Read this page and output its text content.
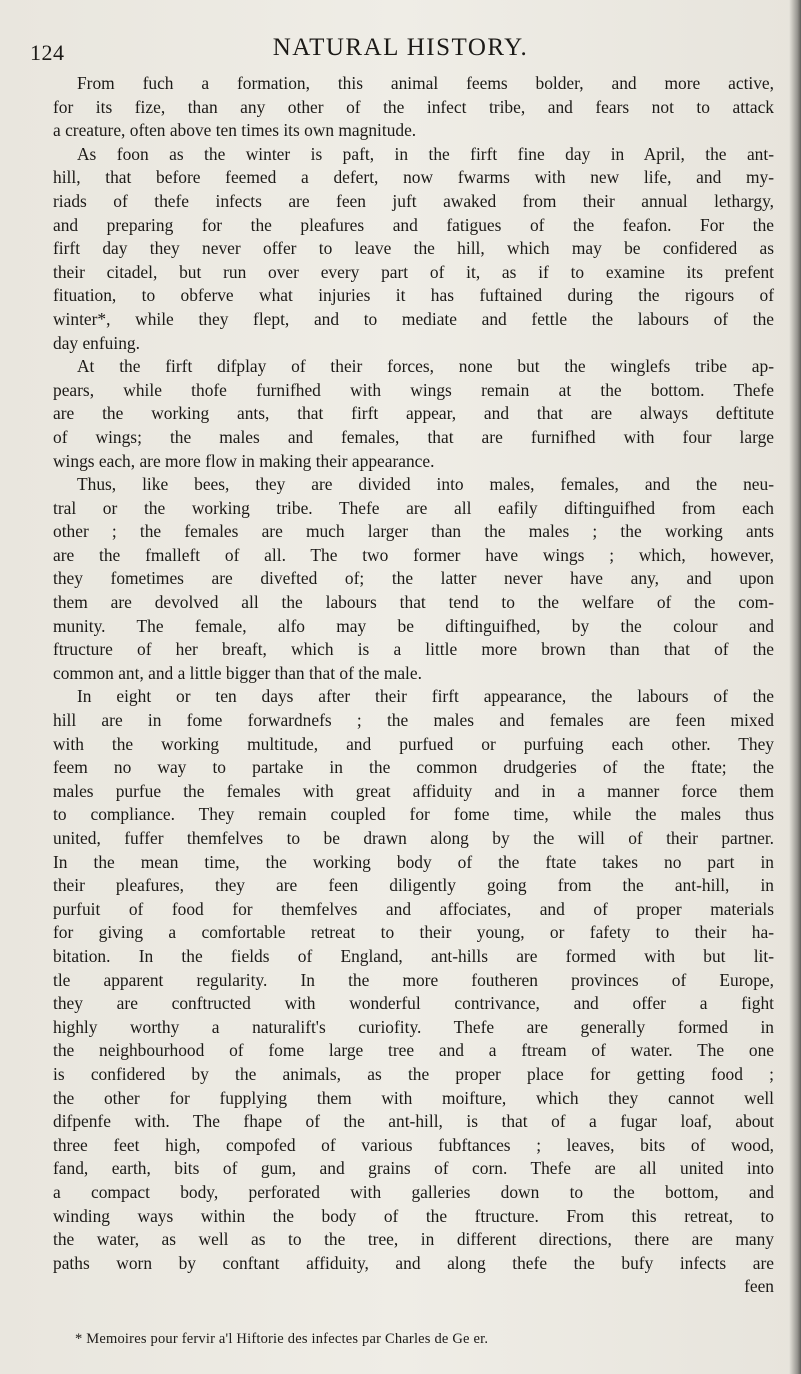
124	NATURAL HISTORY.
From fuch a formation, this animal feems bolder, and more active,
for its fize, than any other of the infect tribe, and fears not to attack
a creature, often above ten times its own magnitude.
As foon as the winter is paft, in the firft fine day in April, the ant-
hill, that before feemed a defert, now fwarms with new life, and my-
riads of thefe infects are feen juft awaked from their annual lethargy,
and preparing for the pleafures and fatigues of the feafon. For the
firft day they never offer to leave the hill, which may be confidered as
their citadel, but run over every part of it, as if to examine its prefent
fituation, to obferve what injuries it has fuftained during the rigours of
winter*, while they flept, and to mediate and fettle the labours of the
day enfuing.
At the firft difplay of their forces, none but the winglefs tribe ap-
pears, while thofe furnifhed with wings remain at the bottom. Thefe
are the working ants, that firft appear, and that are always deftitute
of wings; the males and females, that are furnifhed with four large
wings each, are more flow in making their appearance.
Thus, like bees, they are divided into males, females, and the neu-
tral or the working tribe. Thefe are all eafily diftinguifhed from each
other ; the females are much larger than the males ; the working ants
are the fmalleft of all. The two former have wings ; which, however,
they fometimes are divefted of; the latter never have any, and upon
them are devolved all the labours that tend to the welfare of the com-
munity. The female, alfo may be diftinguifhed, by the colour and
ftructure of her breaft, which is a little more brown than that of the
common ant, and a little bigger than that of the male.
In eight or ten days after their firft appearance, the labours of the
hill are in fome forwardnefs ; the males and females are feen mixed
with the working multitude, and purfued or purfuing each other. They
feem no way to partake in the common drudgeries of the ftate; the
males purfue the females with great affiduity and in a manner force them
to compliance. They remain coupled for fome time, while the males thus
united, fuffer themfelves to be drawn along by the will of their partner.
In the mean time, the working body of the ftate takes no part in
their pleafures, they are feen diligently going from the ant-hill, in
purfuit of food for themfelves and affociates, and of proper materials
for giving a comfortable retreat to their young, or fafety to their ha-
bitation. In the fields of England, ant-hills are formed with but lit-
tle apparent regularity. In the more foutheren provinces of Europe,
they are conftructed with wonderful contrivance, and offer a fight
highly worthy a naturalift's curiofity. Thefe are generally formed in
the neighbourhood of fome large tree and a ftream of water. The one
is confidered by the animals, as the proper place for getting food ;
the other for fupplying them with moifture, which they cannot well
difpenfe with. The fhape of the ant-hill, is that of a fugar loaf, about
three feet high, compofed of various fubftances ; leaves, bits of wood,
fand, earth, bits of gum, and grains of corn. Thefe are all united into
a compact body, perforated with galleries down to the bottom, and
winding ways within the body of the ftructure. From this retreat, to
the water, as well as to the tree, in different directions, there are many
paths worn by conftant affiduity, and along thefe the bufy infects are
feen
* Memoires pour fervir a'l Hiftorie des infectes par Charles de Ge er.
